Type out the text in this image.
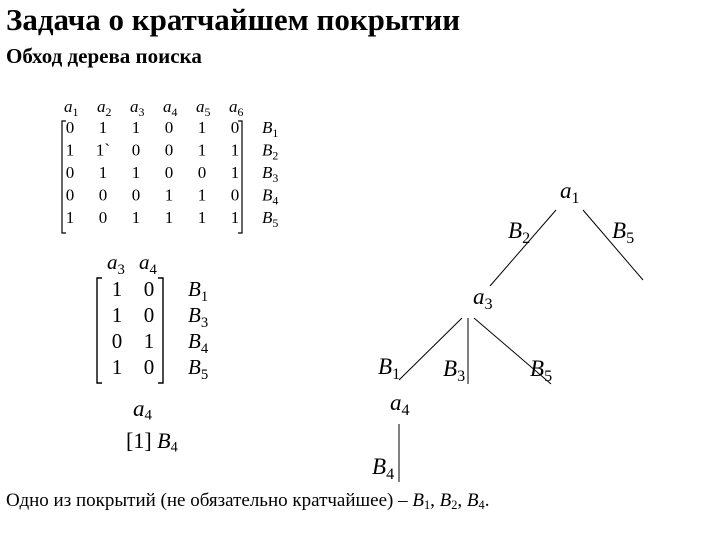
Задача о кратчайшем покрытии
Обход дерева поиска
$a_1$ $a_2$ $a_3$ $a_4$ $a_5$ $a_6$
0 1 1 0 1 0
1 1` 0 0 1 1
0 1 1 0 0 1
0 0 0 1 1 0
1 0 1 1 1 1
$B_1$
$B_2$
$B_3$
$B_4$
$B_5$
$a_3$ $a_4$
1 0
1 0
0 1
1 0
$B_1$
$B_3$
$B_4$
$B_5$
$a_4$
[1] $B_4$
$a_1$
$B_2$	$B_5$
$a_3$
$B_1$ $B_3$	$B_5$
$a_4$
$B_4$
Одно из покрытий (не обязательно кратчайшее) – $B_1$, $B_2$, $B_4$.
